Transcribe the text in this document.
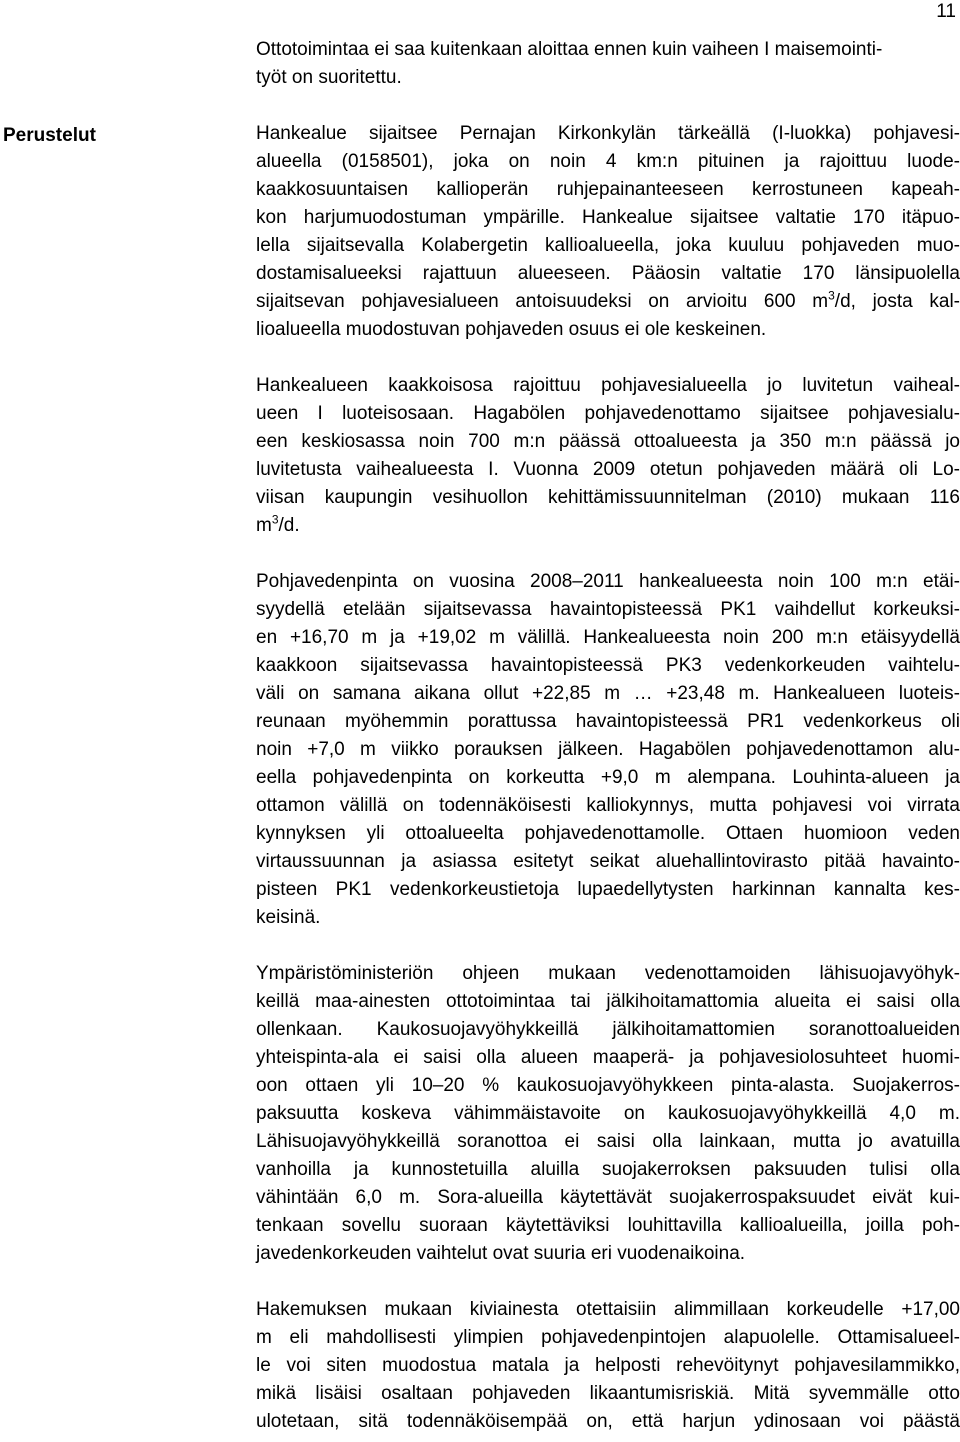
11
Perustelut
Ottotoimintaa ei saa kuitenkaan aloittaa ennen kuin vaiheen I maisemointi-
työt on suoritettu.
Hankealue sijaitsee Pernajan Kirkonkylän tärkeällä (I-luokka) pohjavesi-
alueella (0158501), joka on noin 4 km:n pituinen ja rajoittuu luode-
kaakkosuuntaisen kallioperän ruhjepainanteeseen kerrostuneen kapeah-
kon harjumuodostuman ympärille. Hankealue sijaitsee valtatie 170 itäpuo-
lella sijaitsevalla Kolabergetin kallioalueella, joka kuuluu pohjaveden muo-
dostamisalueeksi rajattuun alueeseen. Pääosin valtatie 170 länsipuolella
sijaitsevan pohjavesialueen antoisuudeksi on arvioitu 600 $m^3/d$, josta kal-
lioalueella muodostuvan pohjaveden osuus ei ole keskeinen.
Hankealueen kaakkoisosa rajoittuu pohjavesialueella jo luvitetun vaiheal-
ueen I luoteisosaan. Hagabölen pohjavedenottamo sijaitsee pohjavesialu-
een keskiosassa noin 700 m:n päässä ottoalueesta ja 350 m:n päässä jo
luvitetusta vaihealueesta I. Vuonna 2009 otetun pohjaveden määrä oli Lo-
viisan kaupungin vesihuollon kehittämissuunnitelman (2010) mukaan 116
$m^3/d$.
Pohjavedenpinta on vuosina 2008–2011 hankealueesta noin 100 m:n etäi-
syydellä etelään sijaitsevassa havaintopisteessä PK1 vaihdellut korkeuksi-
en +16,70 m ja +19,02 m välillä. Hankealueesta noin 200 m:n etäisyydellä
kaakkoon sijaitsevassa havaintopisteessä PK3 vedenkorkeuden vaihtelu-
väli on samana aikana ollut +22,85 m … +23,48 m. Hankealueen luoteis-
reunaan myöhemmin porattussa havaintopisteessä PR1 vedenkorkeus oli
noin +7,0 m viikko porauksen jälkeen. Hagabölen pohjavedenottamon alu-
eella pohjavedenpinta on korkeutta +9,0 m alempana. Louhinta-alueen ja
ottamon välillä on todennäköisesti kalliokynnys, mutta pohjavesi voi virrata
kynnyksen yli ottoalueelta pohjavedenottamolle. Ottaen huomioon veden
virtaussuunnan ja asiassa esitetyt seikat aluehallintovirasto pitää havainto-
pisteen PK1 vedenkorkeustietoja lupaedellytysten harkinnan kannalta kes-
keisinä.
Ympäristöministeriön ohjeen mukaan vedenottamoiden lähisuojavyöhyk-
keillä maa-ainesten ottotoimintaa tai jälkihoitamattomia alueita ei saisi olla
ollenkaan. Kaukosuojavyöhykkeillä jälkihoitamattomien soranottoalueiden
yhteispinta-ala ei saisi olla alueen maaperä- ja pohjavesiolosuhteet huomi-
oon ottaen yli 10–20 % kaukosuojavyöhykkeen pinta-alasta. Suojakerros-
paksuutta koskeva vähimmäistavoite on kaukosuojavyöhykkeillä 4,0 m.
Lähisuojavyöhykkeillä soranottoa ei saisi olla lainkaan, mutta jo avatuilla
vanhoilla ja kunnostetuilla aluilla suojakerroksen paksuuden tulisi olla
vähintään 6,0 m. Sora-alueilla käytettävät suojakerrospaksuudet eivät kui-
tenkaan sovellu suoraan käytettäviksi louhittavilla kallioalueilla, joilla poh-
javedenkorkeuden vaihtelut ovat suuria eri vuodenaikoina.
Hakemuksen mukaan kiviainesta otettaisiin alimmillaan korkeudelle +17,00
m eli mahdollisesti ylimpien pohjavedenpintojen alapuolelle. Ottamisalueel-
le voi siten muodostua matala ja helposti rehevöitynyt pohjavesilammikko,
mikä lisäisi osaltaan pohjaveden likaantumisriskiä. Mitä syvemmälle otto
ulotetaan, sitä todennäköisempää on, että harjun ydinosaan voi päästä
